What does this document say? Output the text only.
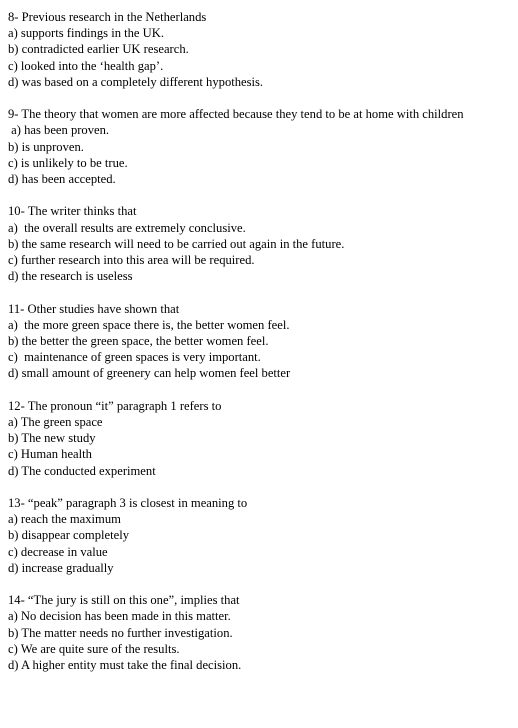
8- Previous research in the Netherlands
a) supports findings in the UK.
b) contradicted earlier UK research.
c) looked into the ‘health gap’.
d) was based on a completely different hypothesis.
9- The theory that women are more affected because they tend to be at home with children
a) has been proven.
b) is unproven.
c) is unlikely to be true.
d) has been accepted.
10- The writer thinks that
a)  the overall results are extremely conclusive.
b) the same research will need to be carried out again in the future.
c) further research into this area will be required.
d) the research is useless
11- Other studies have shown that
a)  the more green space there is, the better women feel.
b) the better the green space, the better women feel.
c)  maintenance of green spaces is very important.
d) small amount of greenery can help women feel better
12- The pronoun “it” paragraph 1 refers to
a) The green space
b) The new study
c) Human health
d) The conducted experiment
13- “peak” paragraph 3 is closest in meaning to
a) reach the maximum
b) disappear completely
c) decrease in value
d) increase gradually
14- “The jury is still on this one”, implies that
a) No decision has been made in this matter.
b) The matter needs no further investigation.
c) We are quite sure of the results.
d) A higher entity must take the final decision.
